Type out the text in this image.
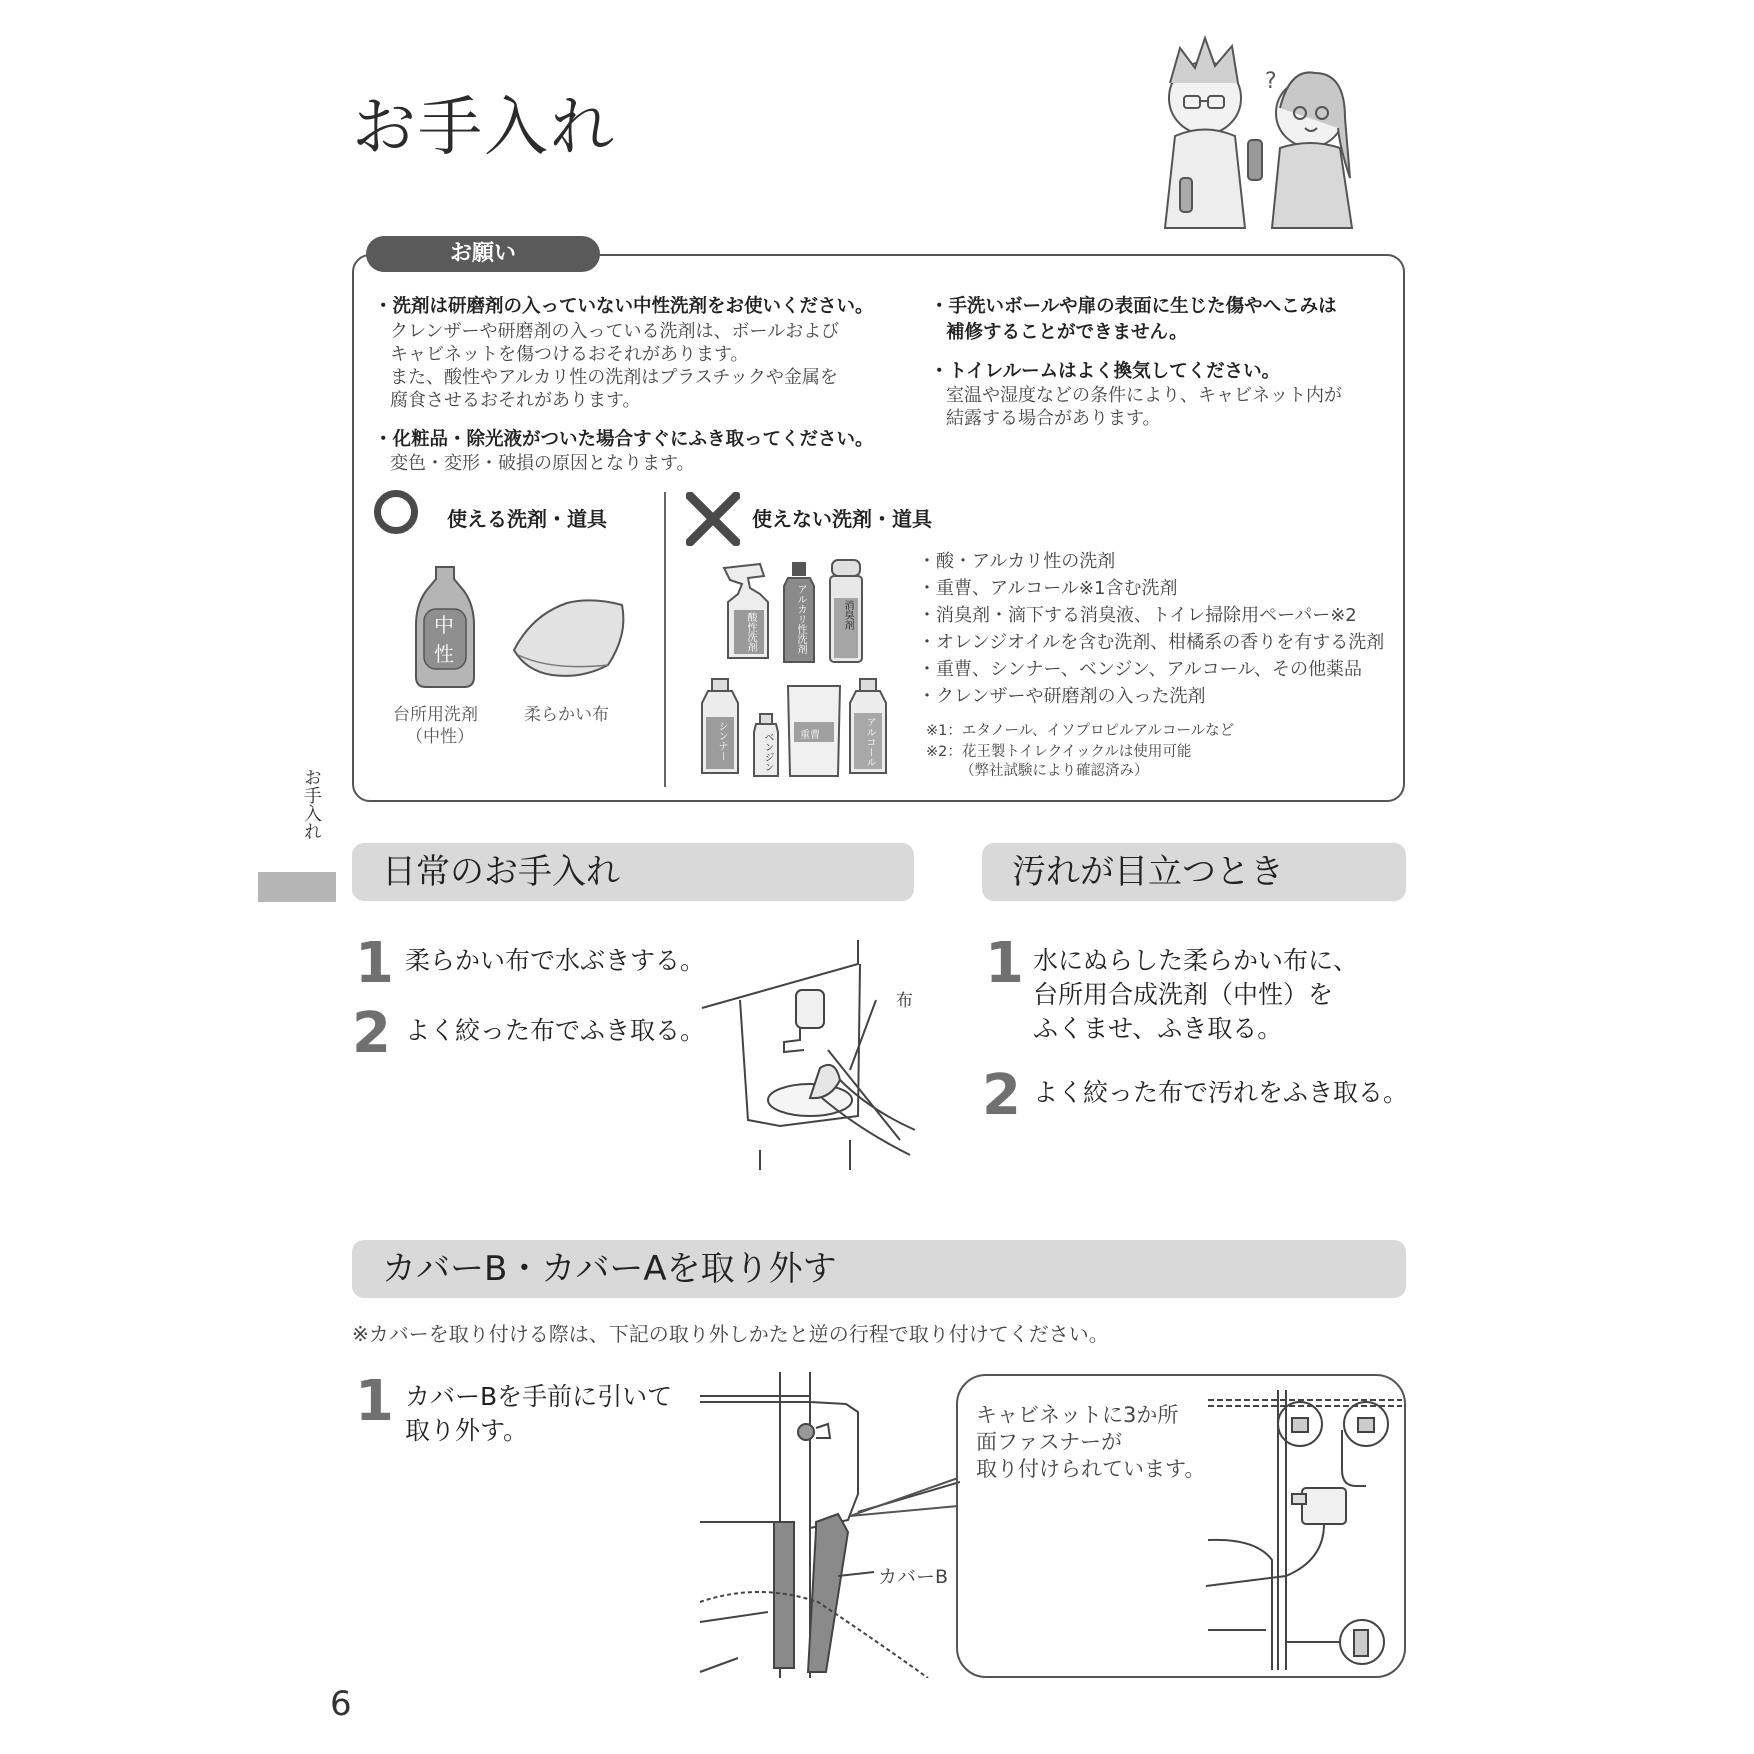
お手入れ
?
お願い
・洗剤は研磨剤の入っていない中性洗剤をお使いください。
クレンザーや研磨剤の入っている洗剤は、ボールおよび
キャビネットを傷つけるおそれがあります。
また、酸性やアルカリ性の洗剤はプラスチックや金属を
腐食させるおそれがあります。
・化粧品・除光液がついた場合すぐにふき取ってください。
変色・変形・破損の原因となります。
・手洗いボールや扉の表面に生じた傷やへこみは
補修することができません。
・トイレルームはよく換気してください。
室温や湿度などの条件により、キャビネット内が
結露する場合があります。
使える洗剤・道具
中
性
台所用洗剤
（中性）
柔らかい布
使えない洗剤・道具
酸性洗剤	アルカリ性洗剤	消臭剤
シンナー	ベンジン	重曹	アルコール
・酸・アルカリ性の洗剤
・重曹、アルコール※1含む洗剤
・消臭剤・滴下する消臭液、トイレ掃除用ペーパー※2
・オレンジオイルを含む洗剤、柑橘系の香りを有する洗剤
・重曹、シンナー、ベンジン、アルコール、その他薬品
・クレンザーや研磨剤の入った洗剤
※1：エタノール、イソプロピルアルコールなど
※2：花王製トイレクイックルは使用可能
（弊社試験により確認済み）
お手入れ
日常のお手入れ
1 柔らかい布で水ぶきする。
2 よく絞った布でふき取る。
布
汚れが目立つとき
1 水にぬらした柔らかい布に、
台所用合成洗剤（中性）を
ふくませ、ふき取る。
2 よく絞った布で汚れをふき取る。
カバーB・カバーAを取り外す
※カバーを取り付ける際は、下記の取り外しかたと逆の行程で取り付けてください。
1 カバーBを手前に引いて
取り外す。
カバーB
キャビネットに3か所
面ファスナーが
取り付けられています。
6
